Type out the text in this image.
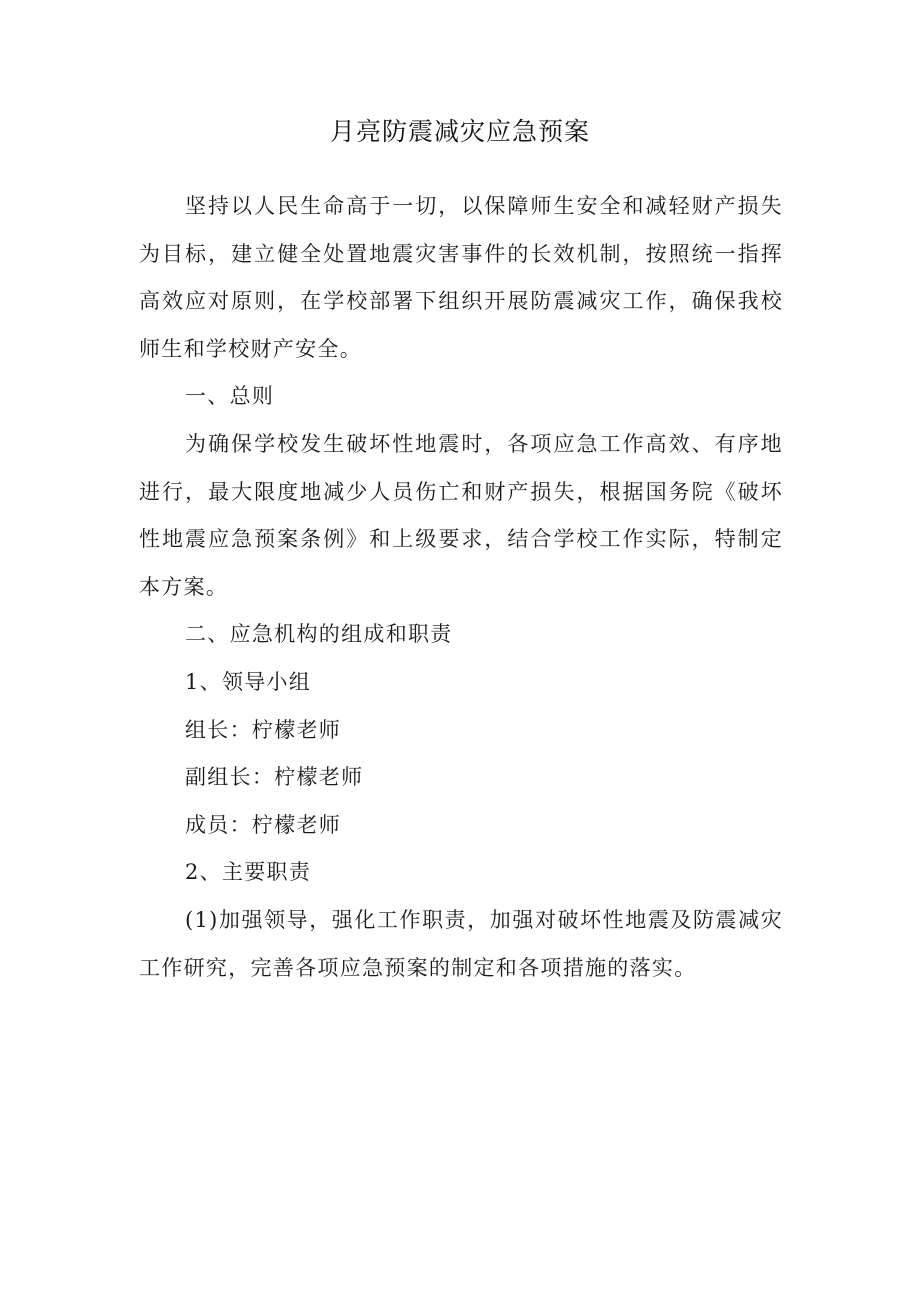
月亮防震减灾应急预案

坚持以人民生命高于一切，以保障师生安全和减轻财产损失为目标，建立健全处置地震灾害事件的长效机制，按照统一指挥高效应对原则，在学校部署下组织开展防震减灾工作，确保我校师生和学校财产安全。

一、总则

为确保学校发生破坏性地震时，各项应急工作高效、有序地进行，最大限度地减少人员伤亡和财产损失，根据国务院《破坏性地震应急预案条例》和上级要求，结合学校工作实际，特制定本方案。

二、应急机构的组成和职责

1、领导小组

组长：柠檬老师

副组长：柠檬老师

成员：柠檬老师

2、主要职责

(1)加强领导，强化工作职责，加强对破坏性地震及防震减灾工作研究，完善各项应急预案的制定和各项措施的落实。
